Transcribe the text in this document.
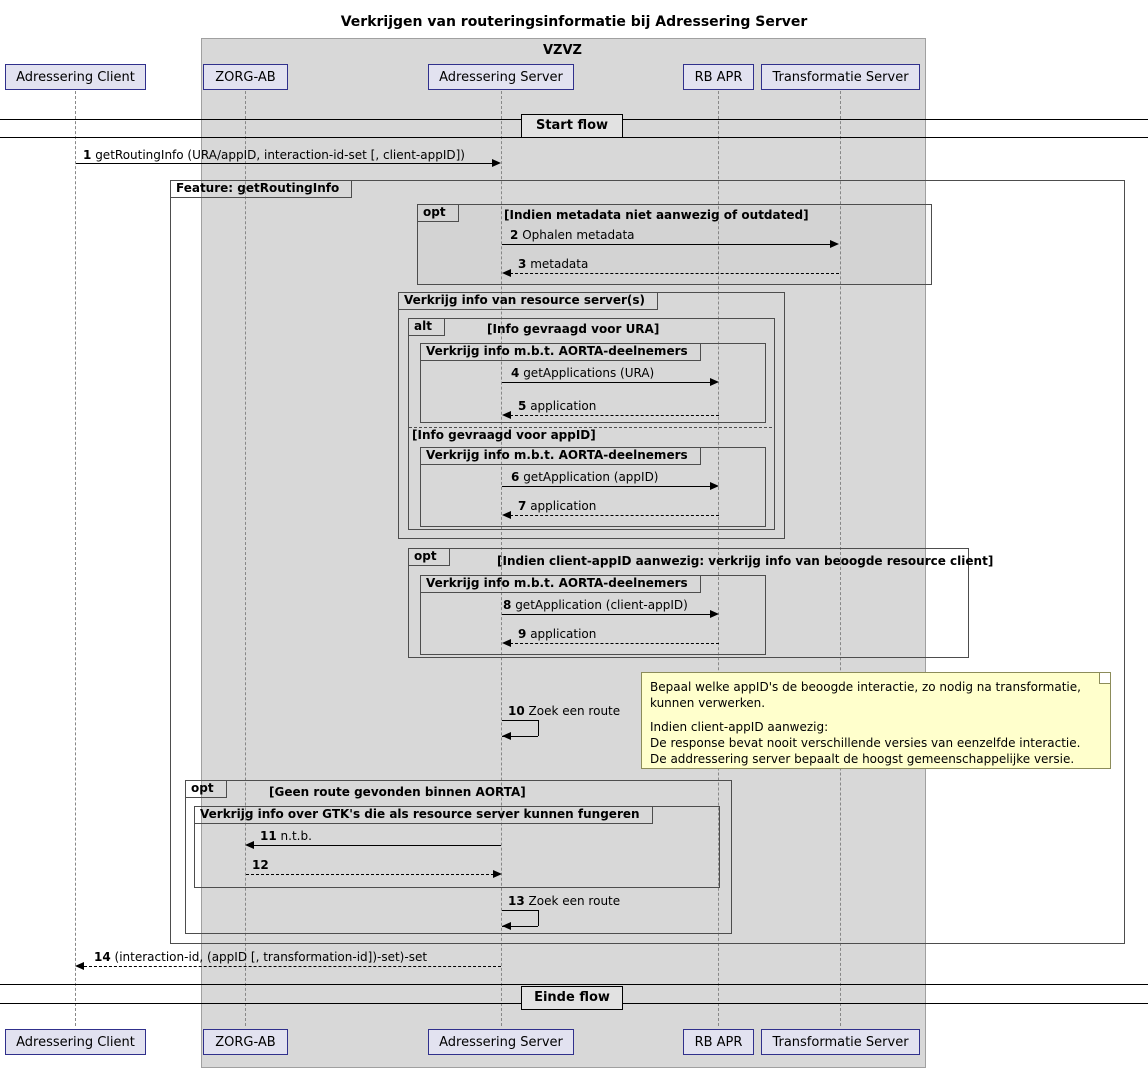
Verkrijgen van routeringsinformatie bij Adressering Server
VZVZ
Adressering Client	ZORG-AB	Adressering Server	RB APR	Transformatie Server
Adressering Client	ZORG-AB	Adressering Server	RB APR	Transformatie Server
Start flow
1 getRoutingInfo (URA/appID, interaction-id-set [, client-appID])
Feature: getRoutingInfo
opt	[Indien metadata niet aanwezig of outdated]
2 Ophalen metadata
3 metadata
Verkrijg info van resource server(s)
alt	[Info gevraagd voor URA]
Verkrijg info m.b.t. AORTA-deelnemers
4 getApplications (URA)
5 application
[Info gevraagd voor appID]
Verkrijg info m.b.t. AORTA-deelnemers
6 getApplication (appID)
7 application
opt	[Indien client-appID aanwezig: verkrijg info van beoogde resource client]
Verkrijg info m.b.t. AORTA-deelnemers
8 getApplication (client-appID)
9 application
Bepaal welke appID's de beoogde interactie, zo nodig na transformatie,
kunnen verwerken.
Indien client-appID aanwezig:
De response bevat nooit verschillende versies van eenzelfde interactie.
De addressering server bepaalt de hoogst gemeenschappelijke versie.
10 Zoek een route
opt	[Geen route gevonden binnen AORTA]
Verkrijg info over GTK's die als resource server kunnen fungeren
11 n.t.b.
12
13 Zoek een route
14 (interaction-id, (appID [, transformation-id])-set)-set
Einde flow
